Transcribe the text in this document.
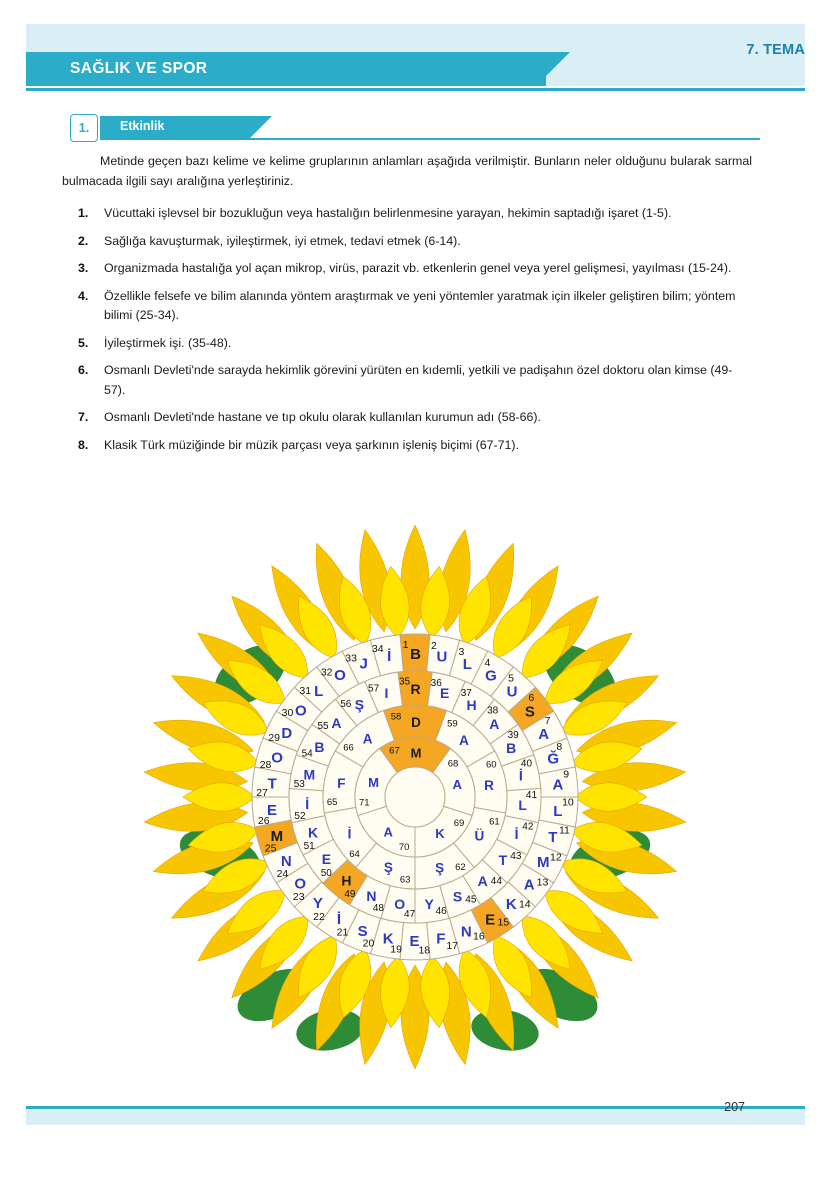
SAĞLIK VE SPOR
7. TEMA
1.	Etkinlik
Metinde geçen bazı kelime ve kelime gruplarının anlamları aşağıda verilmiştir. Bunların neler olduğunu bularak sarmal bulmacada ilgili sayı aralığına yerleştiriniz.
1. Vücuttaki işlevsel bir bozukluğun veya hastalığın belirlenmesine yarayan, hekimin saptadığı işaret (1-5).
2. Sağlığa kavuşturmak, iyileştirmek, iyi etmek, tedavi etmek (6-14).
3. Organizmada hastalığa yol açan mikrop, virüs, parazit vb. etkenlerin genel veya yerel gelişmesi, yayılması (15-24).
4. Özellikle felsefe ve bilim alanında yöntem araştırmak ve yeni yöntemler yaratmak için ilkeler geliştiren bilim; yöntem bilimi (25-34).
5. İyileştirmek işi. (35-48).
6. Osmanlı Devleti'nde sarayda hekimlik görevini yürüten en kıdemli, yetkili ve padişahın özel doktoru olan kimse (49-57).
7. Osmanlı Devleti'nde hastane ve tıp okulu olarak kullanılan kurumun adı (58-66).
8. Klasik Türk müziğinde bir müzik parçası veya şarkının işleniş biçimi (67-71).
B
1
U
2
L
3
G
4
U
5
S
6
A
7
Ğ
8
A
9
L
10
T 11
M 12
A 13
K 14
E 15
N 16
F 17
E
18
K
19
S
20
İ
21
Y
22
O
23
N
24
M
25
E
26
T
27
O
28
D
29
O
30
L
31
O
32
J
33 İ
34
R
35
E
36
H
37
A
38
B
39
İ
40
L
41
İ 42
T 43
A 44
S 45
Y 46
O
47
N
48
H
49
E
50
K
51
İ
52
M
53
B
54
A
55
Ş
56
I
57
D
58
A
59
R
60
Ü
61
Ş 62
Ş
63
İ
64
F
65
A
66	M
67
A
68
K
69
A
70
M
71
207
